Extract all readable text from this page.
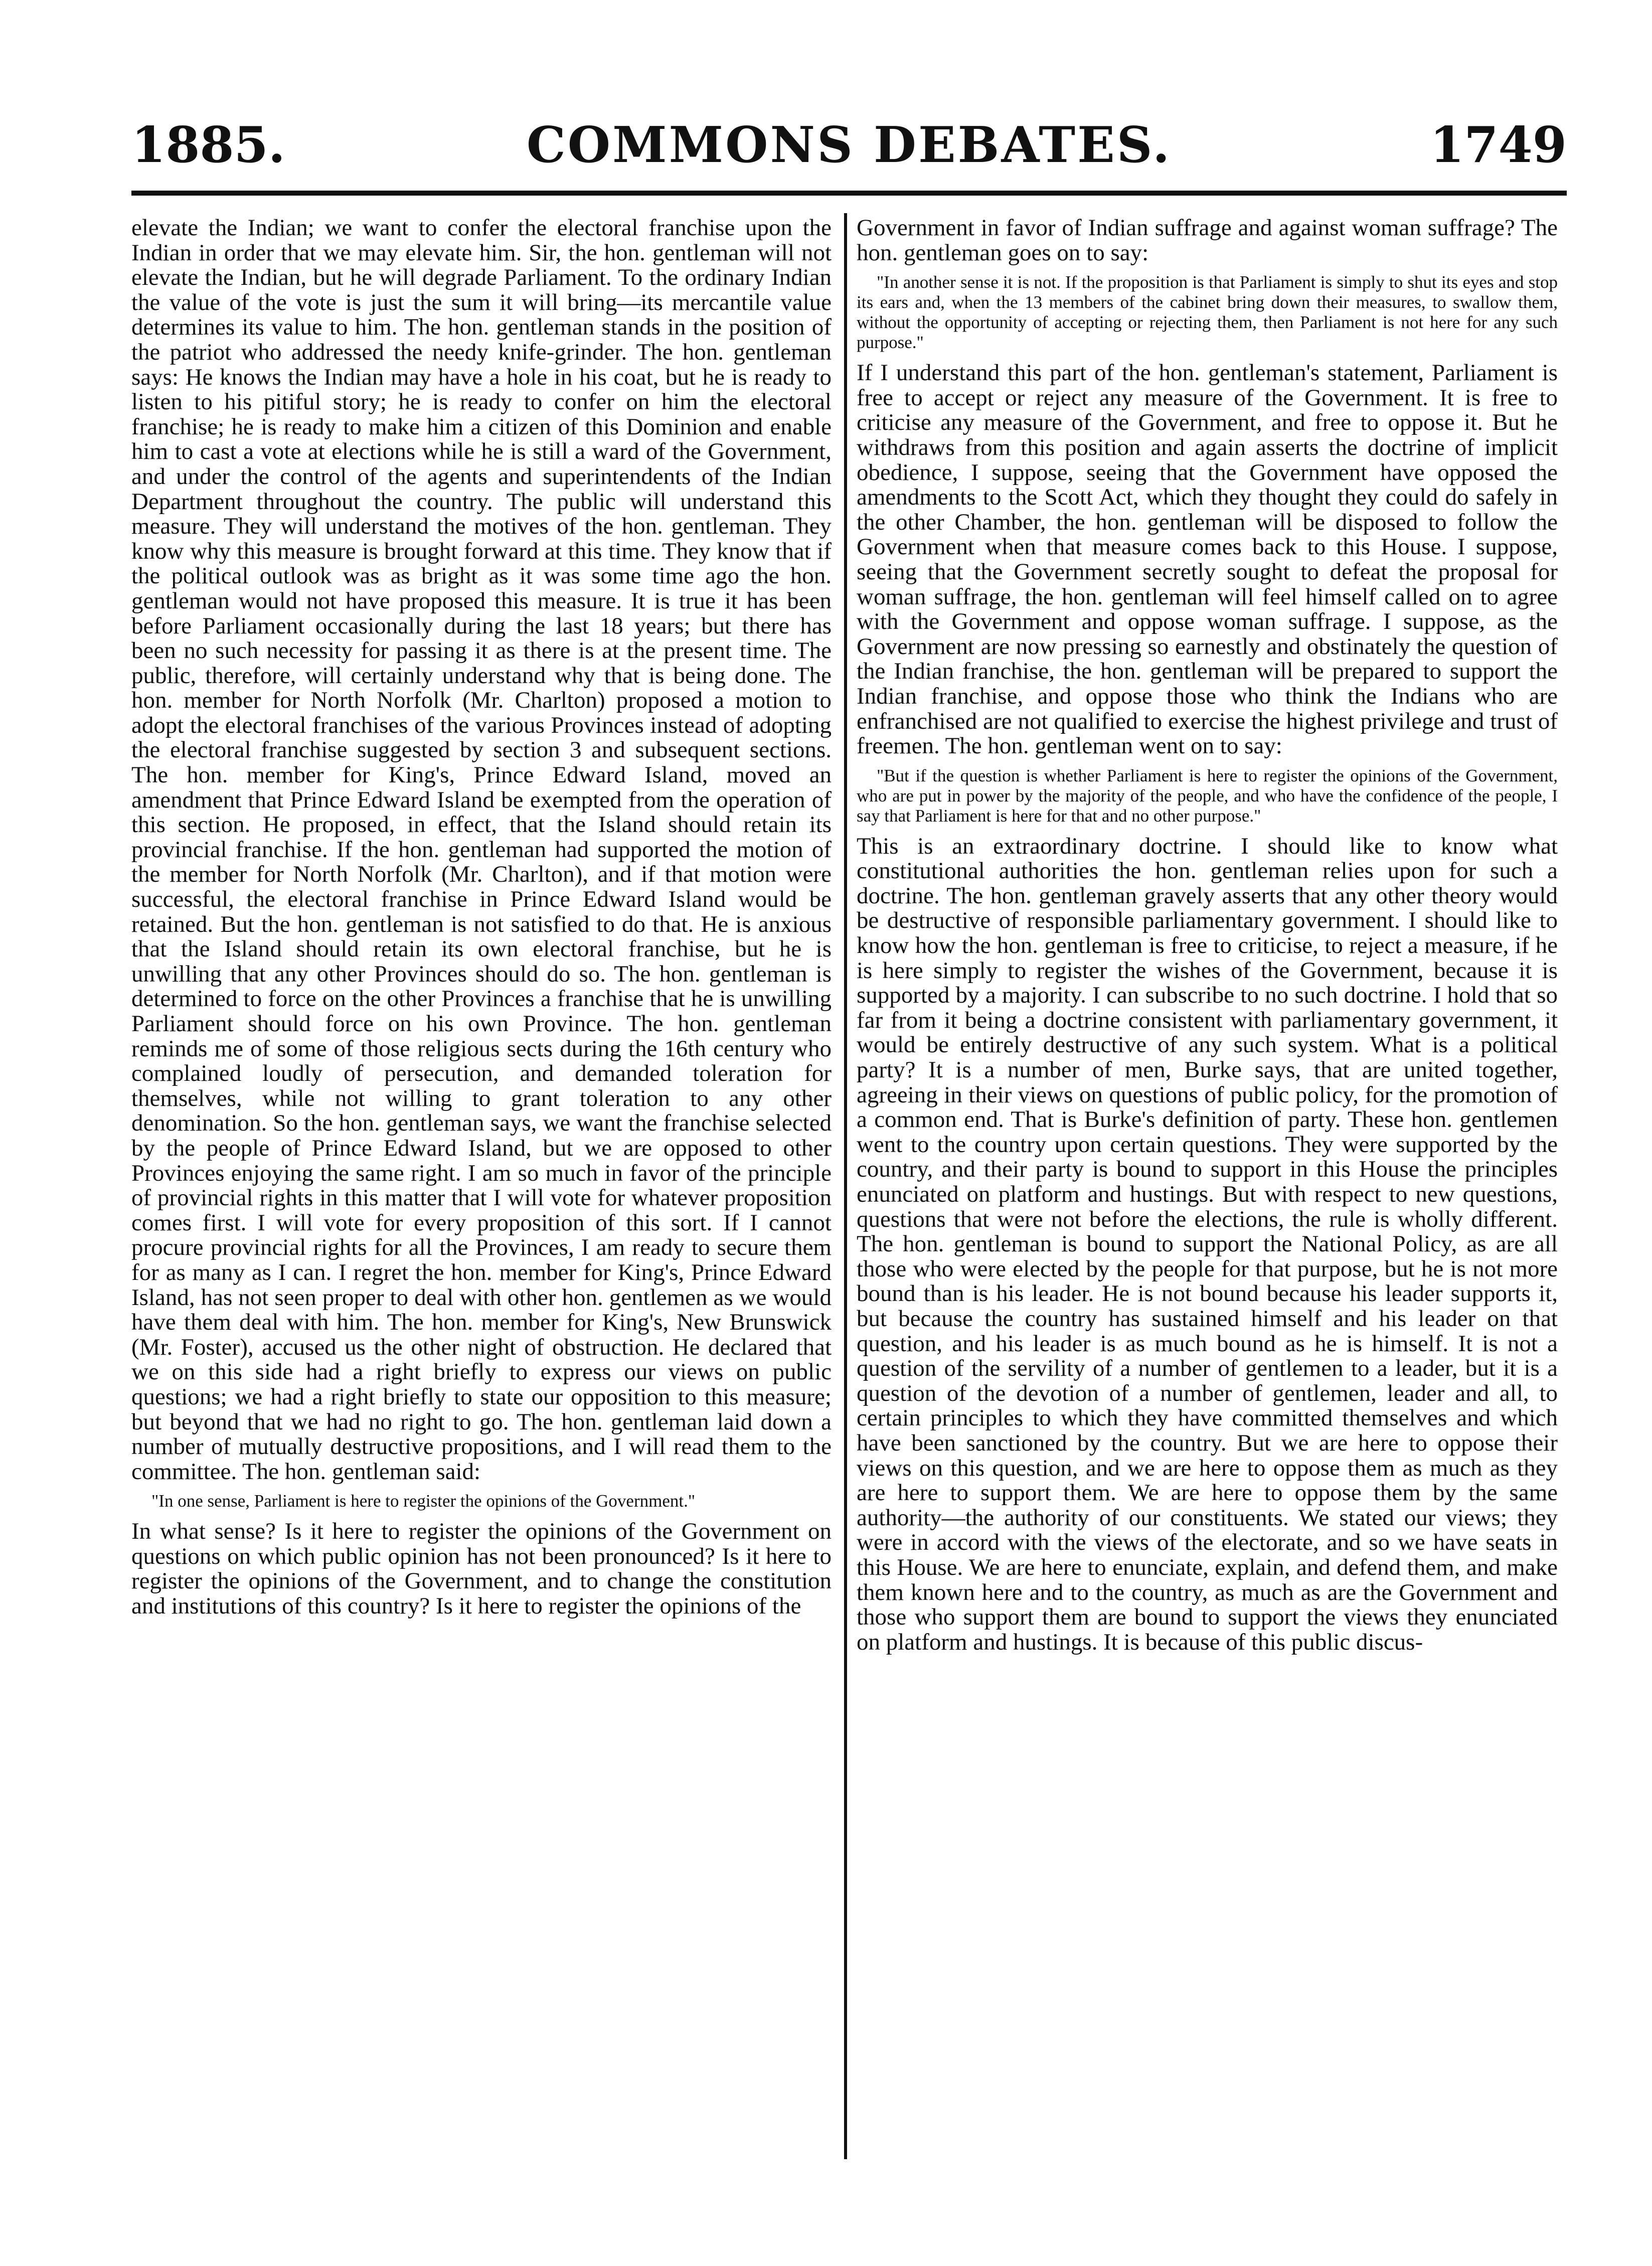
1885.	COMMONS DEBATES.	1749

elevate the Indian; we want to confer the electoral franchise upon the Indian in order that we may elevate him. Sir, the hon. gentleman will not elevate the Indian, but he will degrade Parliament. To the ordinary Indian the value of the vote is just the sum it will bring—its mercantile value determines its value to him. The hon. gentleman stands in the position of the patriot who addressed the needy knife-grinder. The hon. gentleman says: He knows the Indian may have a hole in his coat, but he is ready to listen to his pitiful story; he is ready to confer on him the electoral franchise; he is ready to make him a citizen of this Dominion and enable him to cast a vote at elections while he is still a ward of the Government, and under the control of the agents and superintendents of the Indian Department throughout the country. The public will understand this measure. They will understand the motives of the hon. gentleman. They know why this measure is brought forward at this time. They know that if the political outlook was as bright as it was some time ago the hon. gentleman would not have proposed this measure. It is true it has been before Parliament occasionally during the last 18 years; but there has been no such necessity for passing it as there is at the present time. The public, therefore, will certainly understand why that is being done. The hon. member for North Norfolk (Mr. Charlton) proposed a motion to adopt the electoral franchises of the various Provinces instead of adopting the electoral franchise suggested by section 3 and subsequent sections. The hon. member for King's, Prince Edward Island, moved an amendment that Prince Edward Island be exempted from the operation of this section. He proposed, in effect, that the Island should retain its provincial franchise. If the hon. gentleman had supported the motion of the member for North Norfolk (Mr. Charlton), and if that motion were successful, the electoral franchise in Prince Edward Island would be retained. But the hon. gentleman is not satisfied to do that. He is anxious that the Island should retain its own electoral franchise, but he is unwilling that any other Provinces should do so. The hon. gentleman is determined to force on the other Provinces a franchise that he is unwilling Parliament should force on his own Province. The hon. gentleman reminds me of some of those religious sects during the 16th century who complained loudly of persecution, and demanded toleration for themselves, while not willing to grant toleration to any other denomination. So the hon. gentleman says, we want the franchise selected by the people of Prince Edward Island, but we are opposed to other Provinces enjoying the same right. I am so much in favor of the principle of provincial rights in this matter that I will vote for whatever proposition comes first. I will vote for every proposition of this sort. If I cannot procure provincial rights for all the Provinces, I am ready to secure them for as many as I can. I regret the hon. member for King's, Prince Edward Island, has not seen proper to deal with other hon. gentlemen as we would have them deal with him. The hon. member for King's, New Brunswick (Mr. Foster), accused us the other night of obstruction. He declared that we on this side had a right briefly to express our views on public questions; we had a right briefly to state our opposition to this measure; but beyond that we had no right to go. The hon. gentleman laid down a number of mutually destructive propositions, and I will read them to the committee. The hon. gentleman said:

"In one sense, Parliament is here to register the opinions of the Government."

In what sense? Is it here to register the opinions of the Government on questions on which public opinion has not been pronounced? Is it here to register the opinions of the Government, and to change the constitution and institutions of this country? Is it here to register the opinions of the

Government in favor of Indian suffrage and against woman suffrage? The hon. gentleman goes on to say:

"In another sense it is not. If the proposition is that Parliament is simply to shut its eyes and stop its ears and, when the 13 members of the cabinet bring down their measures, to swallow them, without the opportunity of accepting or rejecting them, then Parliament is not here for any such purpose."

If I understand this part of the hon. gentleman's statement, Parliament is free to accept or reject any measure of the Government. It is free to criticise any measure of the Government, and free to oppose it. But he withdraws from this position and again asserts the doctrine of implicit obedience, I suppose, seeing that the Government have opposed the amendments to the Scott Act, which they thought they could do safely in the other Chamber, the hon. gentleman will be disposed to follow the Government when that measure comes back to this House. I suppose, seeing that the Government secretly sought to defeat the proposal for woman suffrage, the hon. gentleman will feel himself called on to agree with the Government and oppose woman suffrage. I suppose, as the Government are now pressing so earnestly and obstinately the question of the Indian franchise, the hon. gentleman will be prepared to support the Indian franchise, and oppose those who think the Indians who are enfranchised are not qualified to exercise the highest privilege and trust of freemen. The hon. gentleman went on to say:

"But if the question is whether Parliament is here to register the opinions of the Government, who are put in power by the majority of the people, and who have the confidence of the people, I say that Parliament is here for that and no other purpose."

This is an extraordinary doctrine. I should like to know what constitutional authorities the hon. gentleman relies upon for such a doctrine. The hon. gentleman gravely asserts that any other theory would be destructive of responsible parliamentary government. I should like to know how the hon. gentleman is free to criticise, to reject a measure, if he is here simply to register the wishes of the Government, because it is supported by a majority. I can subscribe to no such doctrine. I hold that so far from it being a doctrine consistent with parliamentary government, it would be entirely destructive of any such system. What is a political party? It is a number of men, Burke says, that are united together, agreeing in their views on questions of public policy, for the promotion of a common end. That is Burke's definition of party. These hon. gentlemen went to the country upon certain questions. They were supported by the country, and their party is bound to support in this House the principles enunciated on platform and hustings. But with respect to new questions, questions that were not before the elections, the rule is wholly different. The hon. gentleman is bound to support the National Policy, as are all those who were elected by the people for that purpose, but he is not more bound than is his leader. He is not bound because his leader supports it, but because the country has sustained himself and his leader on that question, and his leader is as much bound as he is himself. It is not a question of the servility of a number of gentlemen to a leader, but it is a question of the devotion of a number of gentlemen, leader and all, to certain principles to which they have committed themselves and which have been sanctioned by the country. But we are here to oppose their views on this question, and we are here to oppose them as much as they are here to support them. We are here to oppose them by the same authority—the authority of our constituents. We stated our views; they were in accord with the views of the electorate, and so we have seats in this House. We are here to enunciate, explain, and defend them, and make them known here and to the country, as much as are the Government and those who support them are bound to support the views they enunciated on platform and hustings. It is because of this public discus-
